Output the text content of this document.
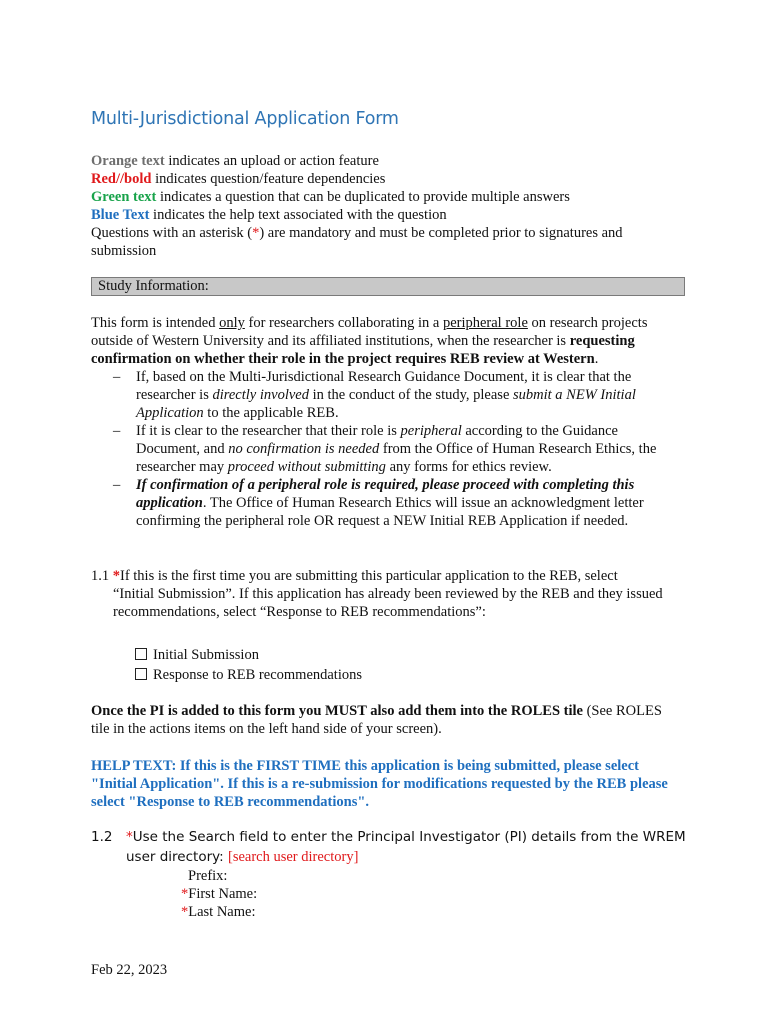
Multi-Jurisdictional Application Form
Orange text indicates an upload or action feature
Red//bold indicates question/feature dependencies
Green text indicates a question that can be duplicated to provide multiple answers
Blue Text indicates the help text associated with the question
Questions with an asterisk (*) are mandatory and must be completed prior to signatures and submission
Study Information:
This form is intended only for researchers collaborating in a peripheral role on research projects outside of Western University and its affiliated institutions, when the researcher is requesting confirmation on whether their role in the project requires REB review at Western.
– If, based on the Multi-Jurisdictional Research Guidance Document, it is clear that the researcher is directly involved in the conduct of the study, please submit a NEW Initial Application to the applicable REB.
– If it is clear to the researcher that their role is peripheral according to the Guidance Document, and no confirmation is needed from the Office of Human Research Ethics, the researcher may proceed without submitting any forms for ethics review.
– If confirmation of a peripheral role is required, please proceed with completing this application. The Office of Human Research Ethics will issue an acknowledgment letter confirming the peripheral role OR request a NEW Initial REB Application if needed.
1.1 *If this is the first time you are submitting this particular application to the REB, select
“Initial Submission”. If this application has already been reviewed by the REB and they issued recommendations, select “Response to REB recommendations”:
Initial Submission
Response to REB recommendations
Once the PI is added to this form you MUST also add them into the ROLES tile (See ROLES tile in the actions items on the left hand side of your screen).
HELP TEXT: If this is the FIRST TIME this application is being submitted, please select "Initial Application". If this is a re-submission for modifications requested by the REB please select "Response to REB recommendations".
1.2 *Use the Search field to enter the Principal Investigator (PI) details from the WREM user directory: [search user directory]
Prefix:
*First Name:
*Last Name:
Feb 22, 2023
